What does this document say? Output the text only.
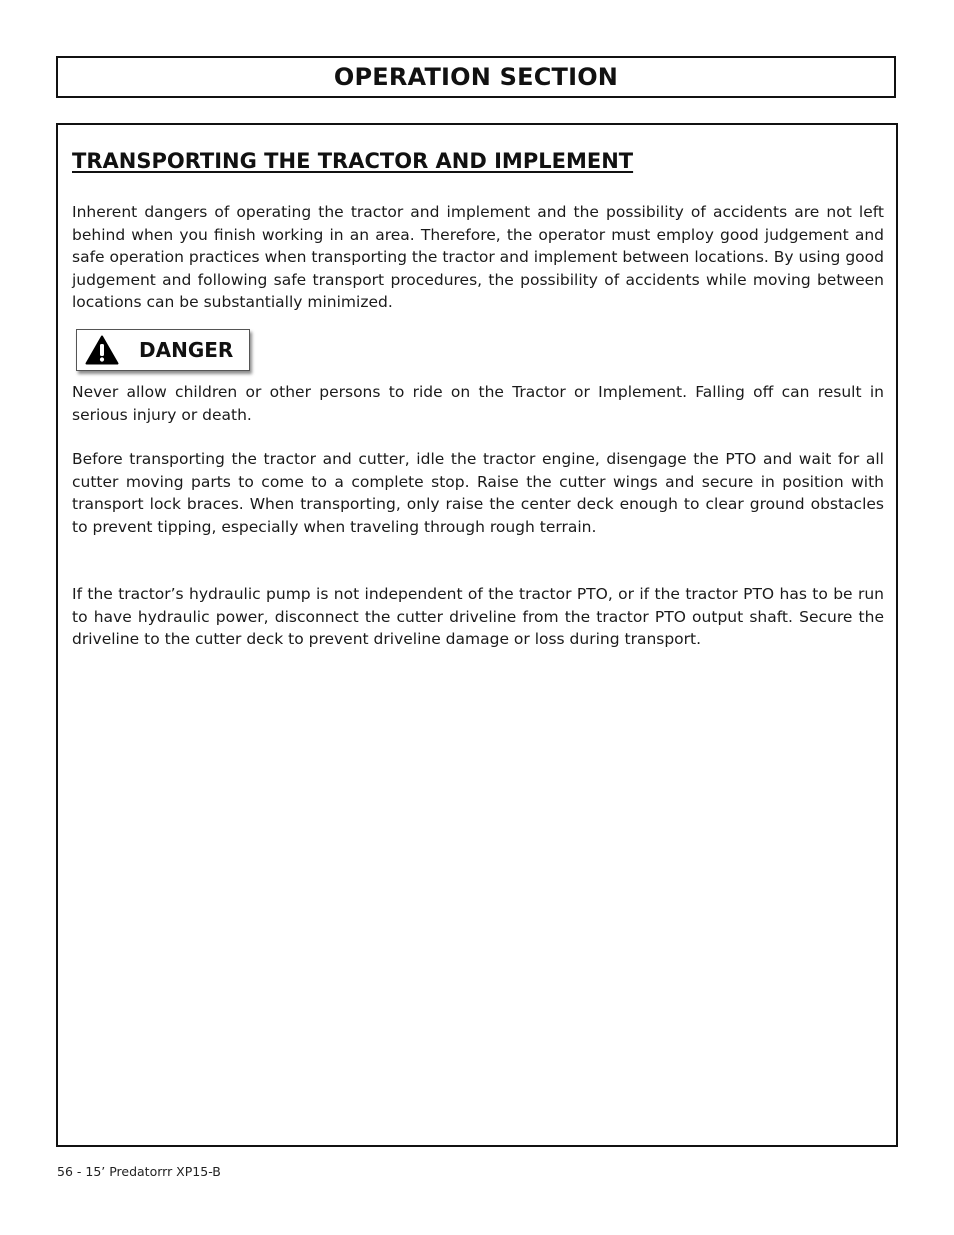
OPERATION SECTION
TRANSPORTING THE TRACTOR AND IMPLEMENT

Inherent dangers of operating the tractor and implement and the possibility of accidents are not left behind when you finish working in an area. Therefore, the operator must employ good judgement and safe operation practices when transporting the tractor and implement between locations. By using good judgement and following safe transport procedures, the possibility of accidents while moving between locations can be substantially minimized.

DANGER

Never allow children or other persons to ride on the Tractor or Implement. Falling off can result in serious injury or death.

Before transporting the tractor and cutter, idle the tractor engine, disengage the PTO and wait for all cutter moving parts to come to a complete stop. Raise the cutter wings and secure in position with transport lock braces. When transporting, only raise the center deck enough to clear ground obstacles to prevent tipping, especially when traveling through rough terrain.

If the tractor’s hydraulic pump is not independent of the tractor PTO, or if the tractor PTO has to be run to have hydraulic power, disconnect the cutter driveline from the tractor PTO output shaft. Secure the driveline to the cutter deck to prevent driveline damage or loss during transport.

56 - 15’ Predatorrr XP15-B
